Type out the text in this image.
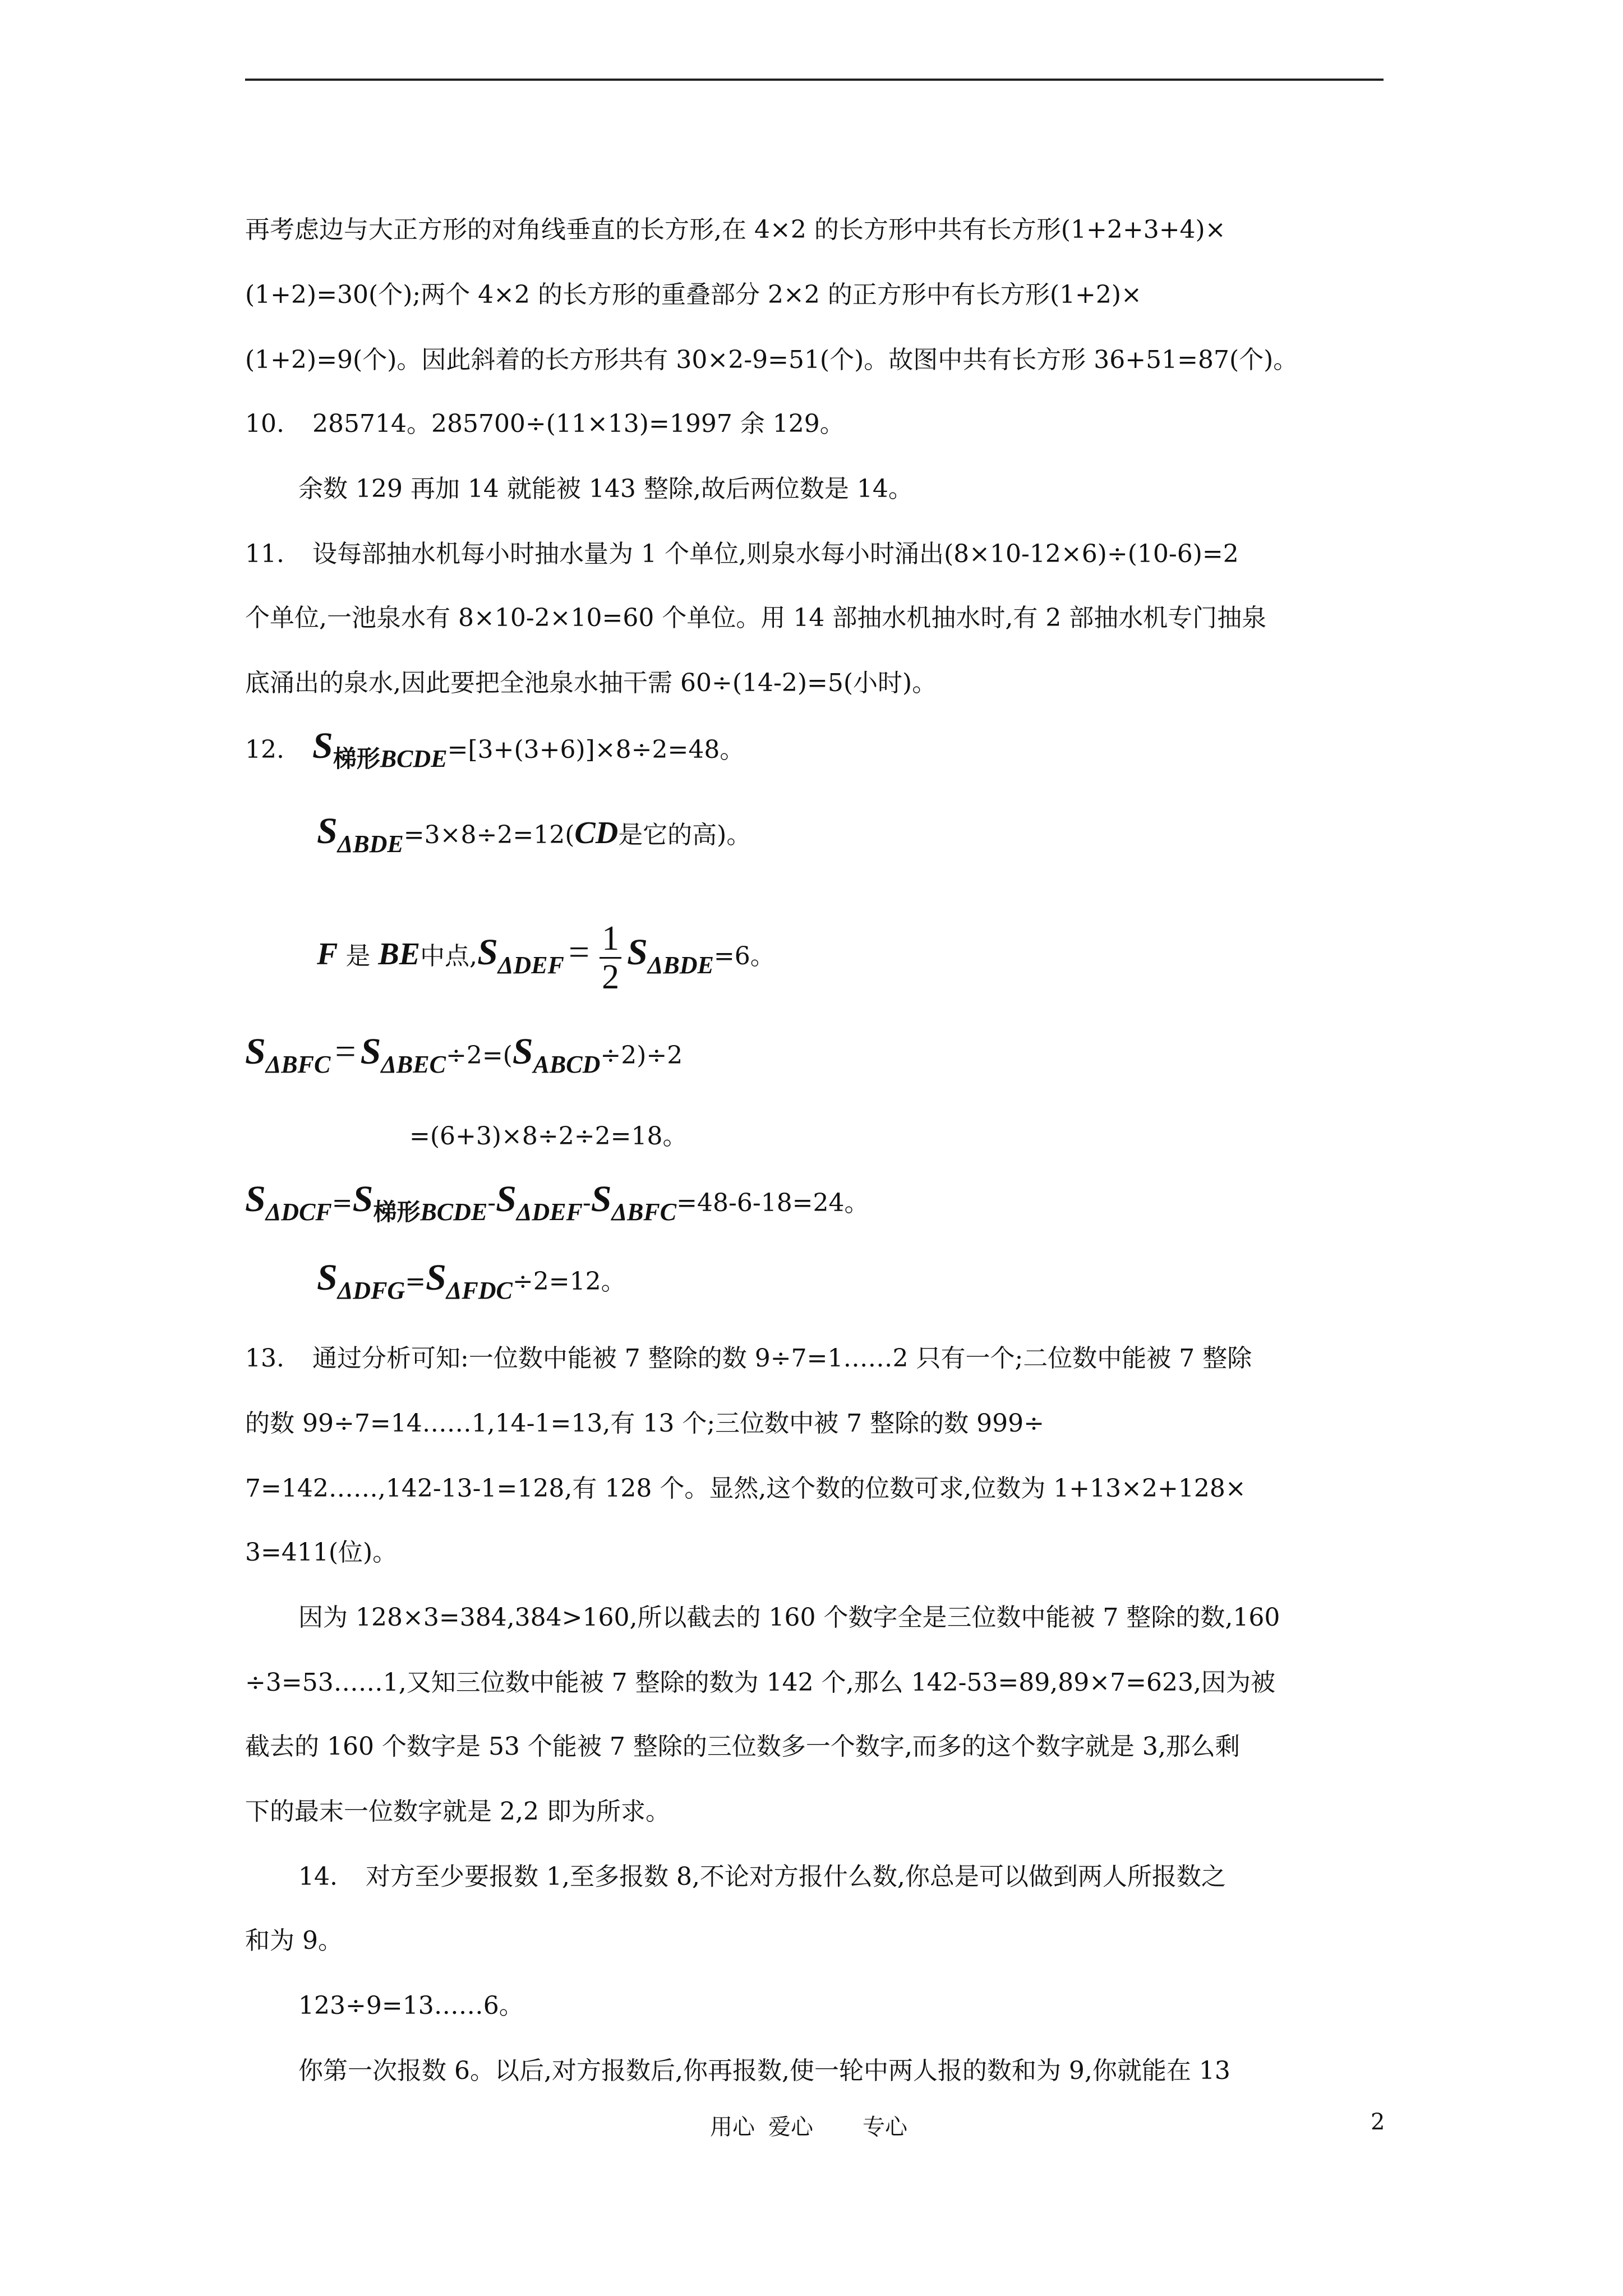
再考虑边与大正方形的对角线垂直的长方形,在 4×2 的长方形中共有长方形(1+2+3+4)×
(1+2)=30(个);两个 4×2 的长方形的重叠部分 2×2 的正方形中有长方形(1+2)×
(1+2)=9(个)。因此斜着的长方形共有 30×2-9=51(个)。故图中共有长方形 36+51=87(个)。
10. 285714。285700÷(11×13)=1997 余 129。
余数 129 再加 14 就能被 143 整除,故后两位数是 14。
11. 设每部抽水机每小时抽水量为 1 个单位,则泉水每小时涌出(8×10-12×6)÷(10-6)=2
个单位,一池泉水有 8×10-2×10=60 个单位。用 14 部抽水机抽水时,有 2 部抽水机专门抽泉
底涌出的泉水,因此要把全池泉水抽干需 60÷(14-2)=5(小时)。
12. S梯形BCDE=[3+(3+6)]×8÷2=48。
SΔBDE=3×8÷2=12(CD是它的高)。
F 是 BE中点$,S\Delta DEF = \frac{1}{2} S\Delta BDE=6$。
SΔBFC = SΔBEC÷2=(SABCD÷2)÷2
=(6+3)×8÷2÷2=18。
SΔDCF=S梯形BCDE-SΔDEF-SΔBFC=48-6-18=24。
SΔDFG=SΔFDC÷2=12。
13. 通过分析可知:一位数中能被 7 整除的数 9÷7=1……2 只有一个;二位数中能被 7 整除
的数 99÷7=14……1,14-1=13,有 13 个;三位数中被 7 整除的数 999÷
7=142……,142-13-1=128,有 128 个。显然,这个数的位数可求,位数为 1+13×2+128×
3=411(位)。
因为 128×3=384,384>160,所以截去的 160 个数字全是三位数中能被 7 整除的数,160
÷3=53……1,又知三位数中能被 7 整除的数为 142 个,那么 142-53=89,89×7=623,因为被
截去的 160 个数字是 53 个能被 7 整除的三位数多一个数字,而多的这个数字就是 3,那么剩
下的最末一位数字就是 2,2 即为所求。
14. 对方至少要报数 1,至多报数 8,不论对方报什么数,你总是可以做到两人所报数之
和为 9。
123÷9=13……6。
你第一次报数 6。以后,对方报数后,你再报数,使一轮中两人报的数和为 9,你就能在 13
用心 爱心 专心	2
